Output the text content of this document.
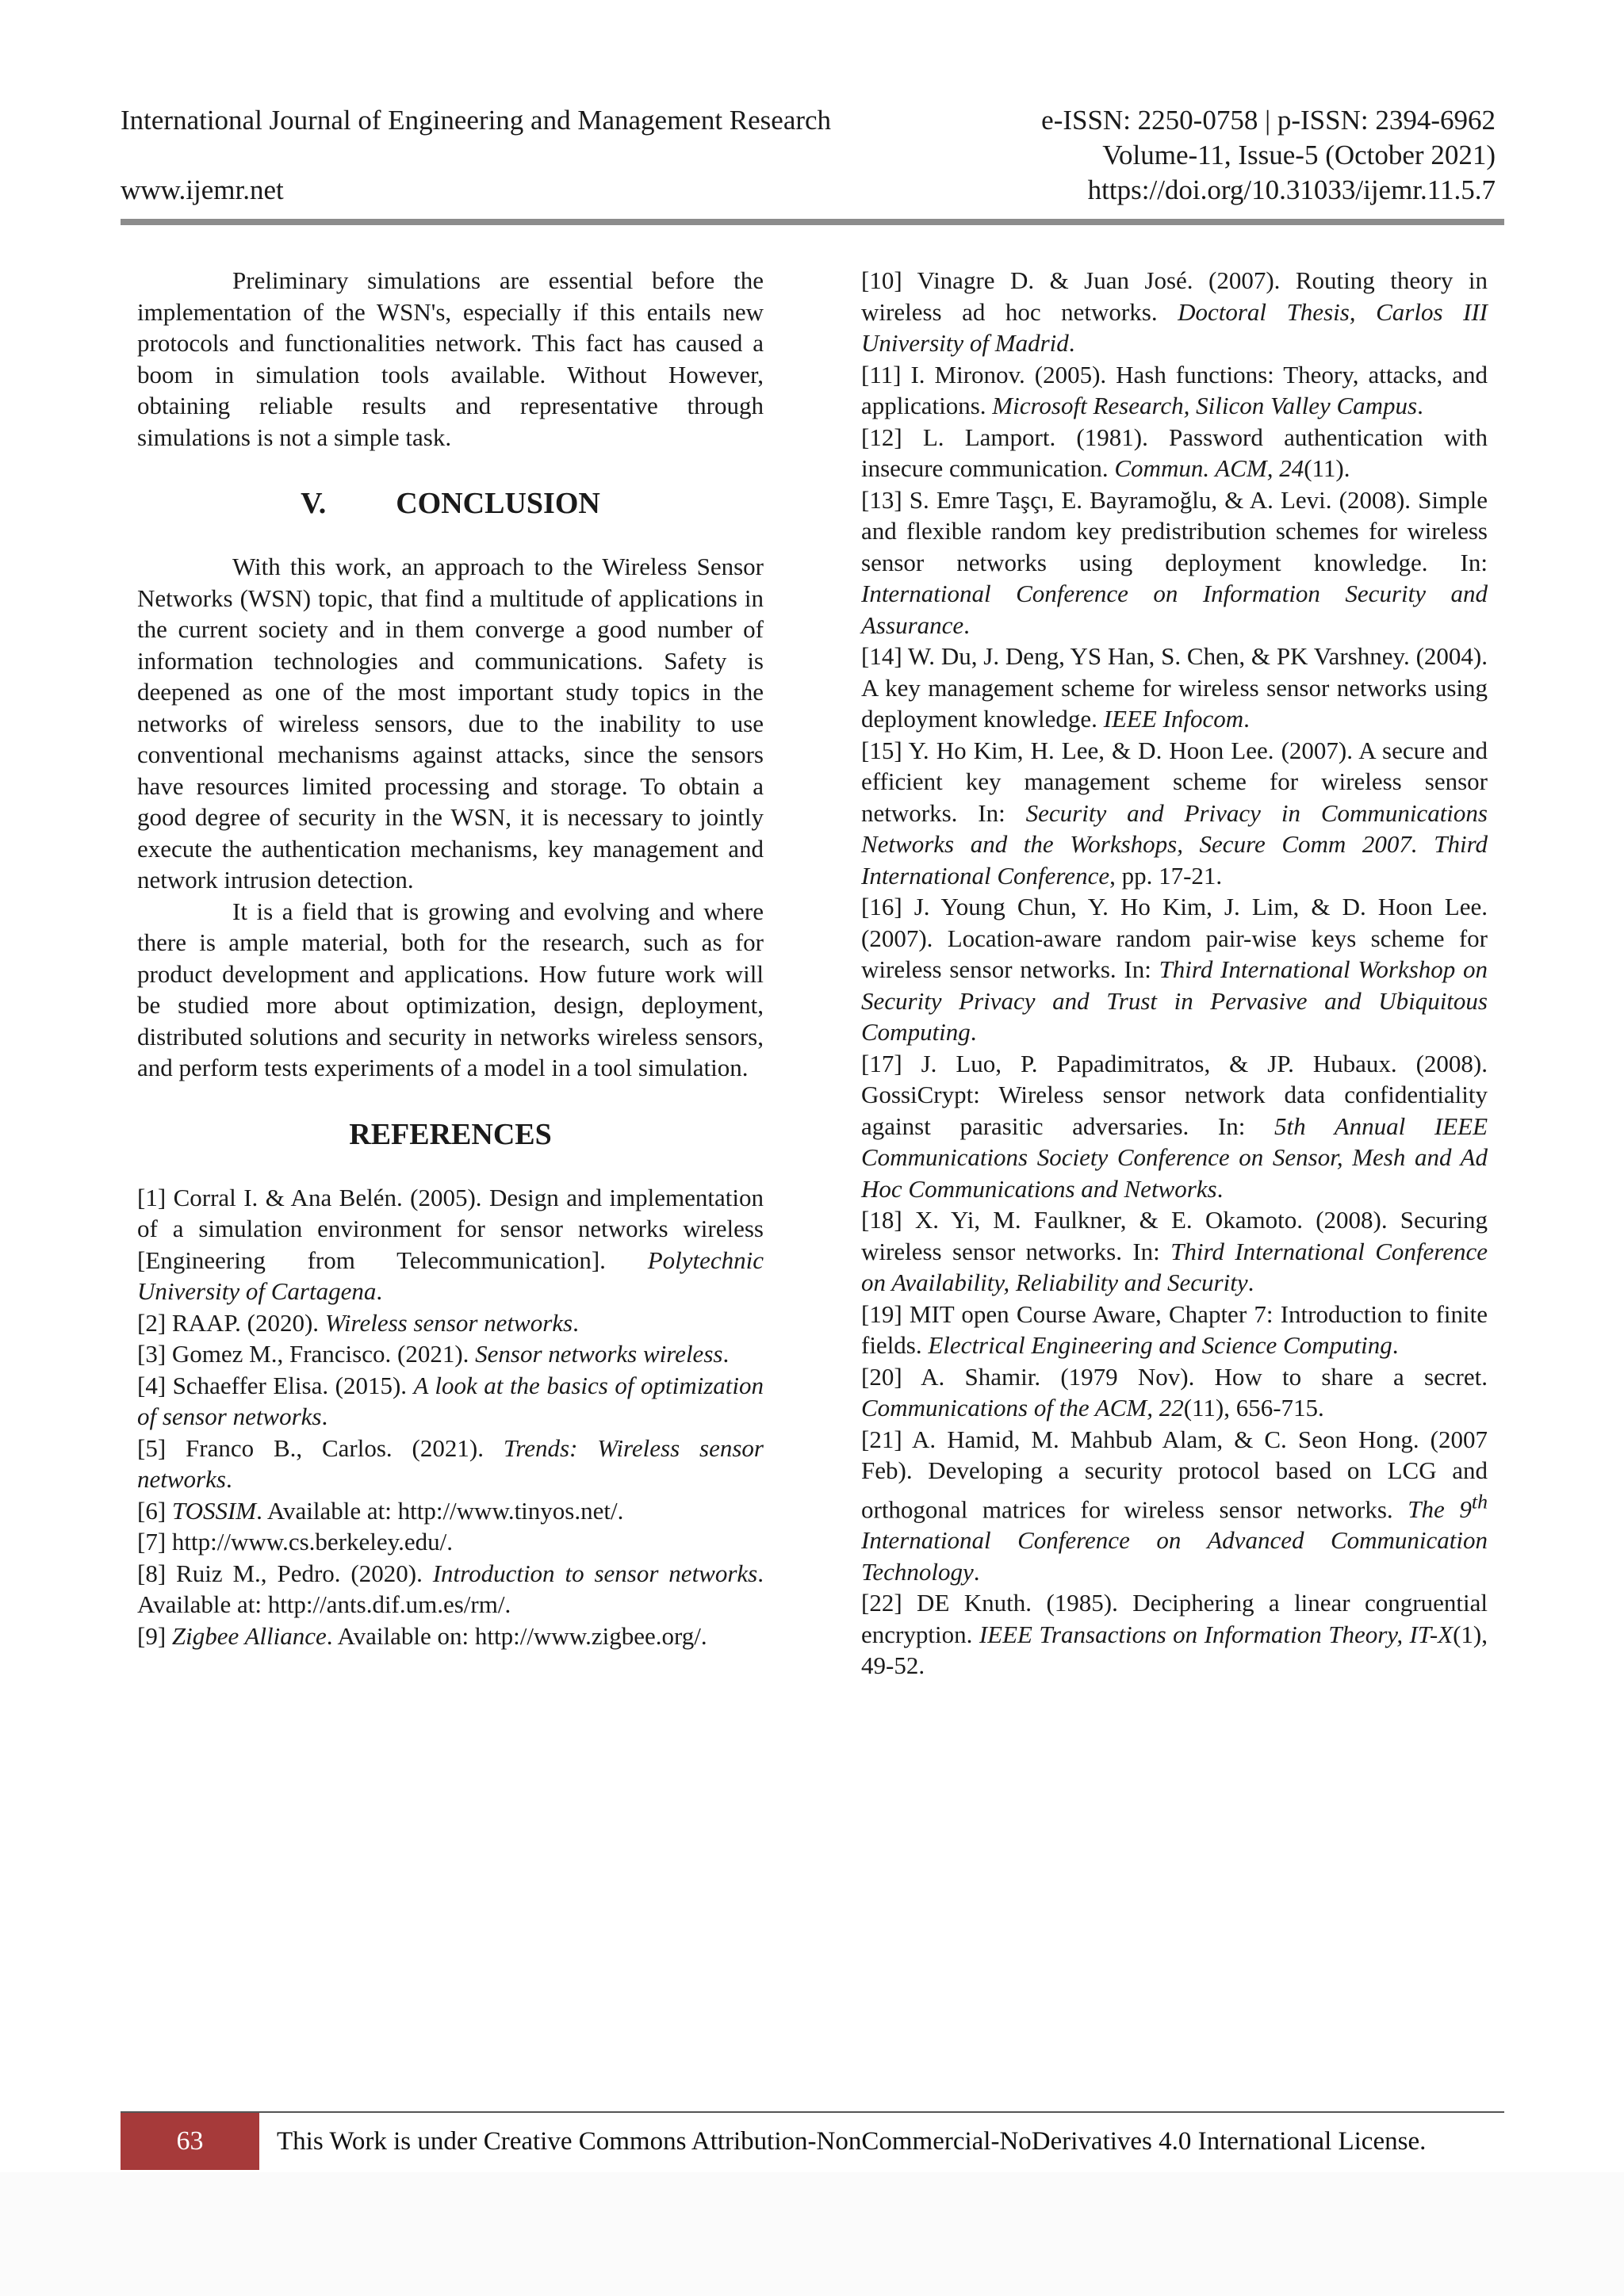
International Journal of Engineering and Management Research	e-ISSN: 2250-0758 | p-ISSN: 2394-6962
Volume-11, Issue-5 (October 2021)
www.ijemr.net	https://doi.org/10.31033/ijemr.11.5.7

Preliminary simulations are essential before the implementation of the WSN's, especially if this entails new protocols and functionalities network. This fact has caused a boom in simulation tools available. Without However, obtaining reliable results and representative through simulations is not a simple task.

V. CONCLUSION

With this work, an approach to the Wireless Sensor Networks (WSN) topic, that find a multitude of applications in the current society and in them converge a good number of information technologies and communications. Safety is deepened as one of the most important study topics in the networks of wireless sensors, due to the inability to use conventional mechanisms against attacks, since the sensors have resources limited processing and storage. To obtain a good degree of security in the WSN, it is necessary to jointly execute the authentication mechanisms, key management and network intrusion detection.

It is a field that is growing and evolving and where there is ample material, both for the research, such as for product development and applications. How future work will be studied more about optimization, design, deployment, distributed solutions and security in networks wireless sensors, and perform tests experiments of a model in a tool simulation.

REFERENCES

[1] Corral I. & Ana Belén. (2005). Design and implementation of a simulation environment for sensor networks wireless [Engineering from Telecommunication]. Polytechnic University of Cartagena.

[2] RAAP. (2020). Wireless sensor networks.

[3] Gomez M., Francisco. (2021). Sensor networks wireless.

[4] Schaeffer Elisa. (2015). A look at the basics of optimization of sensor networks.

[5] Franco B., Carlos. (2021). Trends: Wireless sensor networks.

[6] TOSSIM. Available at: http://www.tinyos.net/.

[7] http://www.cs.berkeley.edu/.

[8] Ruiz M., Pedro. (2020). Introduction to sensor networks. Available at: http://ants.dif.um.es/rm/.

[9] Zigbee Alliance. Available on: http://www.zigbee.org/.

[10] Vinagre D. & Juan José. (2007). Routing theory in wireless ad hoc networks. Doctoral Thesis, Carlos III University of Madrid.

[11] I. Mironov. (2005). Hash functions: Theory, attacks, and applications. Microsoft Research, Silicon Valley Campus.

[12] L. Lamport. (1981). Password authentication with insecure communication. Commun. ACM, 24(11).

[13] S. Emre Taşçı, E. Bayramoğlu, & A. Levi. (2008). Simple and flexible random key predistribution schemes for wireless sensor networks using deployment knowledge. In: International Conference on Information Security and Assurance.

[14] W. Du, J. Deng, YS Han, S. Chen, & PK Varshney. (2004). A key management scheme for wireless sensor networks using deployment knowledge. IEEE Infocom.

[15] Y. Ho Kim, H. Lee, & D. Hoon Lee. (2007). A secure and efficient key management scheme for wireless sensor networks. In: Security and Privacy in Communications Networks and the Workshops, Secure Comm 2007. Third International Conference, pp. 17-21.

[16] J. Young Chun, Y. Ho Kim, J. Lim, & D. Hoon Lee. (2007). Location-aware random pair-wise keys scheme for wireless sensor networks. In: Third International Workshop on Security Privacy and Trust in Pervasive and Ubiquitous Computing.

[17] J. Luo, P. Papadimitratos, & JP. Hubaux. (2008). GossiCrypt: Wireless sensor network data confidentiality against parasitic adversaries. In: 5th Annual IEEE Communications Society Conference on Sensor, Mesh and Ad Hoc Communications and Networks.

[18] X. Yi, M. Faulkner, & E. Okamoto. (2008). Securing wireless sensor networks. In: Third International Conference on Availability, Reliability and Security.

[19] MIT open Course Aware, Chapter 7: Introduction to finite fields. Electrical Engineering and Science Computing.

[20] A. Shamir. (1979 Nov). How to share a secret. Communications of the ACM, 22(11), 656-715.

[21] A. Hamid, M. Mahbub Alam, & C. Seon Hong. (2007 Feb). Developing a security protocol based on LCG and orthogonal matrices for wireless sensor networks. The 9th International Conference on Advanced Communication Technology.

[22] DE Knuth. (1985). Deciphering a linear congruential encryption. IEEE Transactions on Information Theory, IT-X(1), 49-52.

63	This Work is under Creative Commons Attribution-NonCommercial-NoDerivatives 4.0 International License.
